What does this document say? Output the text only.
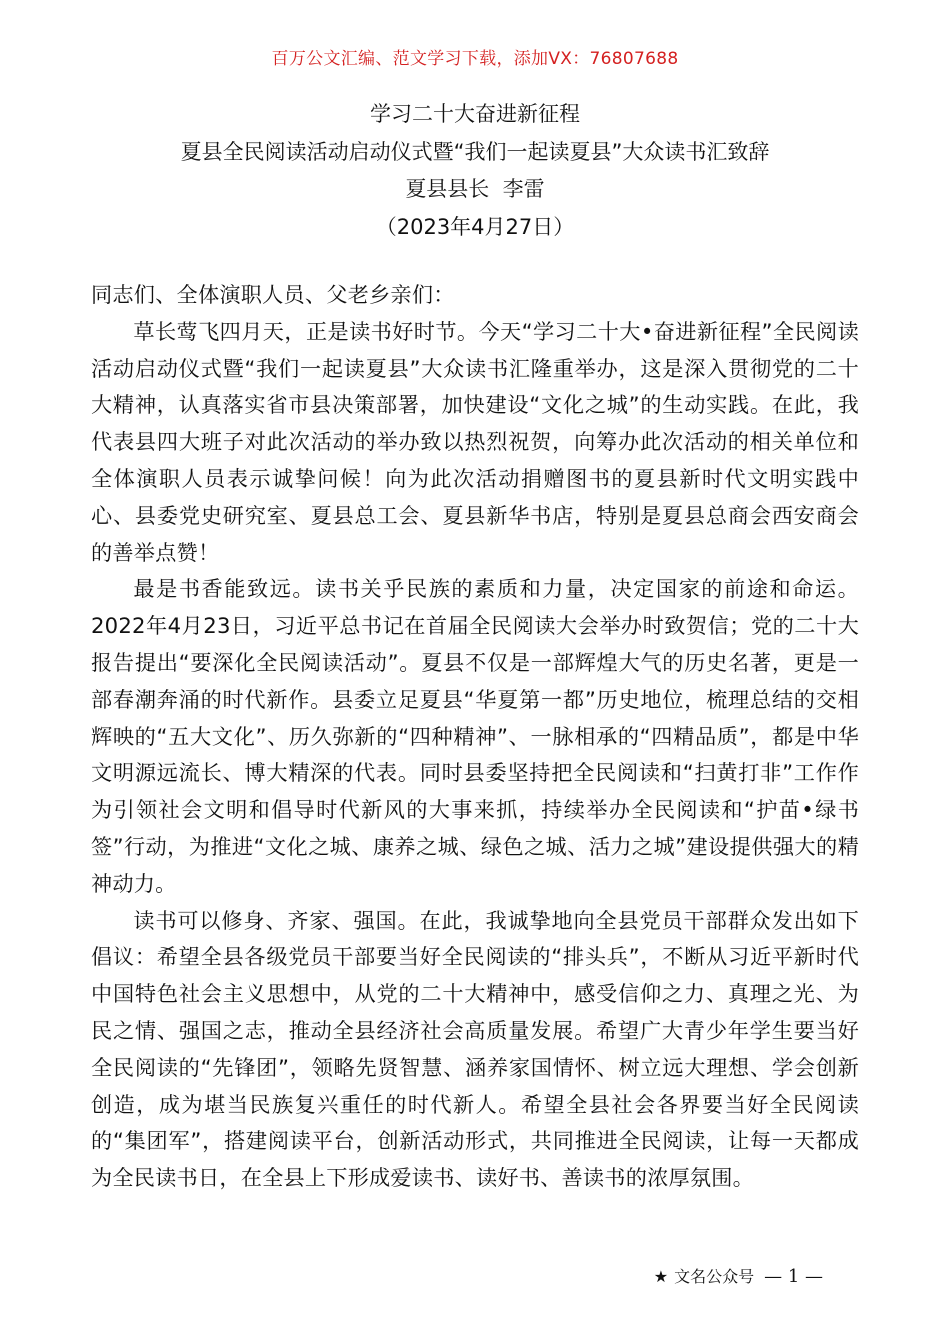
百万公文汇编、范文学习下载，添加VX：76807688
学习二十大奋进新征程
夏县全民阅读活动启动仪式暨“我们一起读夏县”大众读书汇致辞
夏县县长  李雷
（2023年4月27日）

同志们、全体演职人员、父老乡亲们：

草长莺飞四月天，正是读书好时节。今天“学习二十大•奋进新征程”全民阅读活动启动仪式暨“我们一起读夏县”大众读书汇隆重举办，这是深入贯彻党的二十大精神，认真落实省市县决策部署，加快建设“文化之城”的生动实践。在此，我代表县四大班子对此次活动的举办致以热烈祝贺，向筹办此次活动的相关单位和全体演职人员表示诚挚问候！向为此次活动捐赠图书的夏县新时代文明实践中心、县委党史研究室、夏县总工会、夏县新华书店，特别是夏县总商会西安商会的善举点赞！

最是书香能致远。读书关乎民族的素质和力量，决定国家的前途和命运。2022年4月23日，习近平总书记在首届全民阅读大会举办时致贺信；党的二十大报告提出“要深化全民阅读活动”。夏县不仅是一部辉煌大气的历史名著，更是一部春潮奔涌的时代新作。县委立足夏县“华夏第一都”历史地位，梳理总结的交相辉映的“五大文化”、历久弥新的“四种精神”、一脉相承的“四精品质”，都是中华文明源远流长、博大精深的代表。同时县委坚持把全民阅读和“扫黄打非”工作作为引领社会文明和倡导时代新风的大事来抓，持续举办全民阅读和“护苗•绿书签”行动，为推进“文化之城、康养之城、绿色之城、活力之城”建设提供强大的精神动力。

读书可以修身、齐家、强国。在此，我诚挚地向全县党员干部群众发出如下倡议：希望全县各级党员干部要当好全民阅读的“排头兵”，不断从习近平新时代中国特色社会主义思想中，从党的二十大精神中，感受信仰之力、真理之光、为民之情、强国之志，推动全县经济社会高质量发展。希望广大青少年学生要当好全民阅读的“先锋团”，领略先贤智慧、涵养家国情怀、树立远大理想、学会创新创造，成为堪当民族复兴重任的时代新人。希望全县社会各界要当好全民阅读的“集团军”，搭建阅读平台，创新活动形式，共同推进全民阅读，让每一天都成为全民读书日，在全县上下形成爱读书、读好书、善读书的浓厚氛围。

★ 文名公众号 — 1 —
